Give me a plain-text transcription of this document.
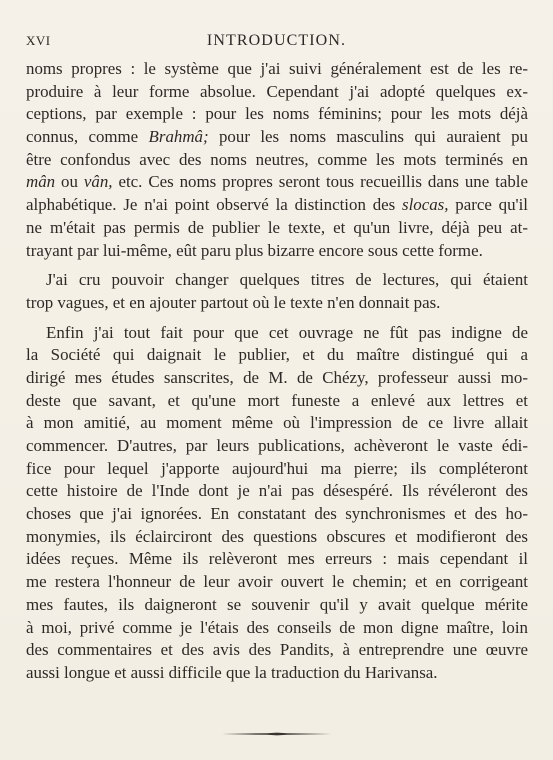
XVI	INTRODUCTION.
noms propres : le système que j'ai suivi généralement est de les re-
produire à leur forme absolue. Cependant j'ai adopté quelques ex-
ceptions, par exemple : pour les noms féminins; pour les mots déjà
connus, comme Brahmâ; pour les noms masculins qui auraient pu
être confondus avec des noms neutres, comme les mots terminés en
mân ou vân, etc. Ces noms propres seront tous recueillis dans une table
alphabétique. Je n'ai point observé la distinction des slocas, parce qu'il
ne m'était pas permis de publier le texte, et qu'un livre, déjà peu at-
trayant par lui-même, eût paru plus bizarre encore sous cette forme.
J'ai cru pouvoir changer quelques titres de lectures, qui étaient
trop vagues, et en ajouter partout où le texte n'en donnait pas.
Enfin j'ai tout fait pour que cet ouvrage ne fût pas indigne de
la Société qui daignait le publier, et du maître distingué qui a
dirigé mes études sanscrites, de M. de Chézy, professeur aussi mo-
deste que savant, et qu'une mort funeste a enlevé aux lettres et
à mon amitié, au moment même où l'impression de ce livre allait
commencer. D'autres, par leurs publications, achèveront le vaste édi-
fice pour lequel j'apporte aujourd'hui ma pierre; ils compléteront
cette histoire de l'Inde dont je n'ai pas désespéré. Ils révéleront des
choses que j'ai ignorées. En constatant des synchronismes et des ho-
monymies, ils éclairciront des questions obscures et modifieront des
idées reçues. Même ils relèveront mes erreurs : mais cependant il
me restera l'honneur de leur avoir ouvert le chemin; et en corrigeant
mes fautes, ils daigneront se souvenir qu'il y avait quelque mérite
à moi, privé comme je l'étais des conseils de mon digne maître, loin
des commentaires et des avis des Pandits, à entreprendre une œuvre
aussi longue et aussi difficile que la traduction du Harivansa.
